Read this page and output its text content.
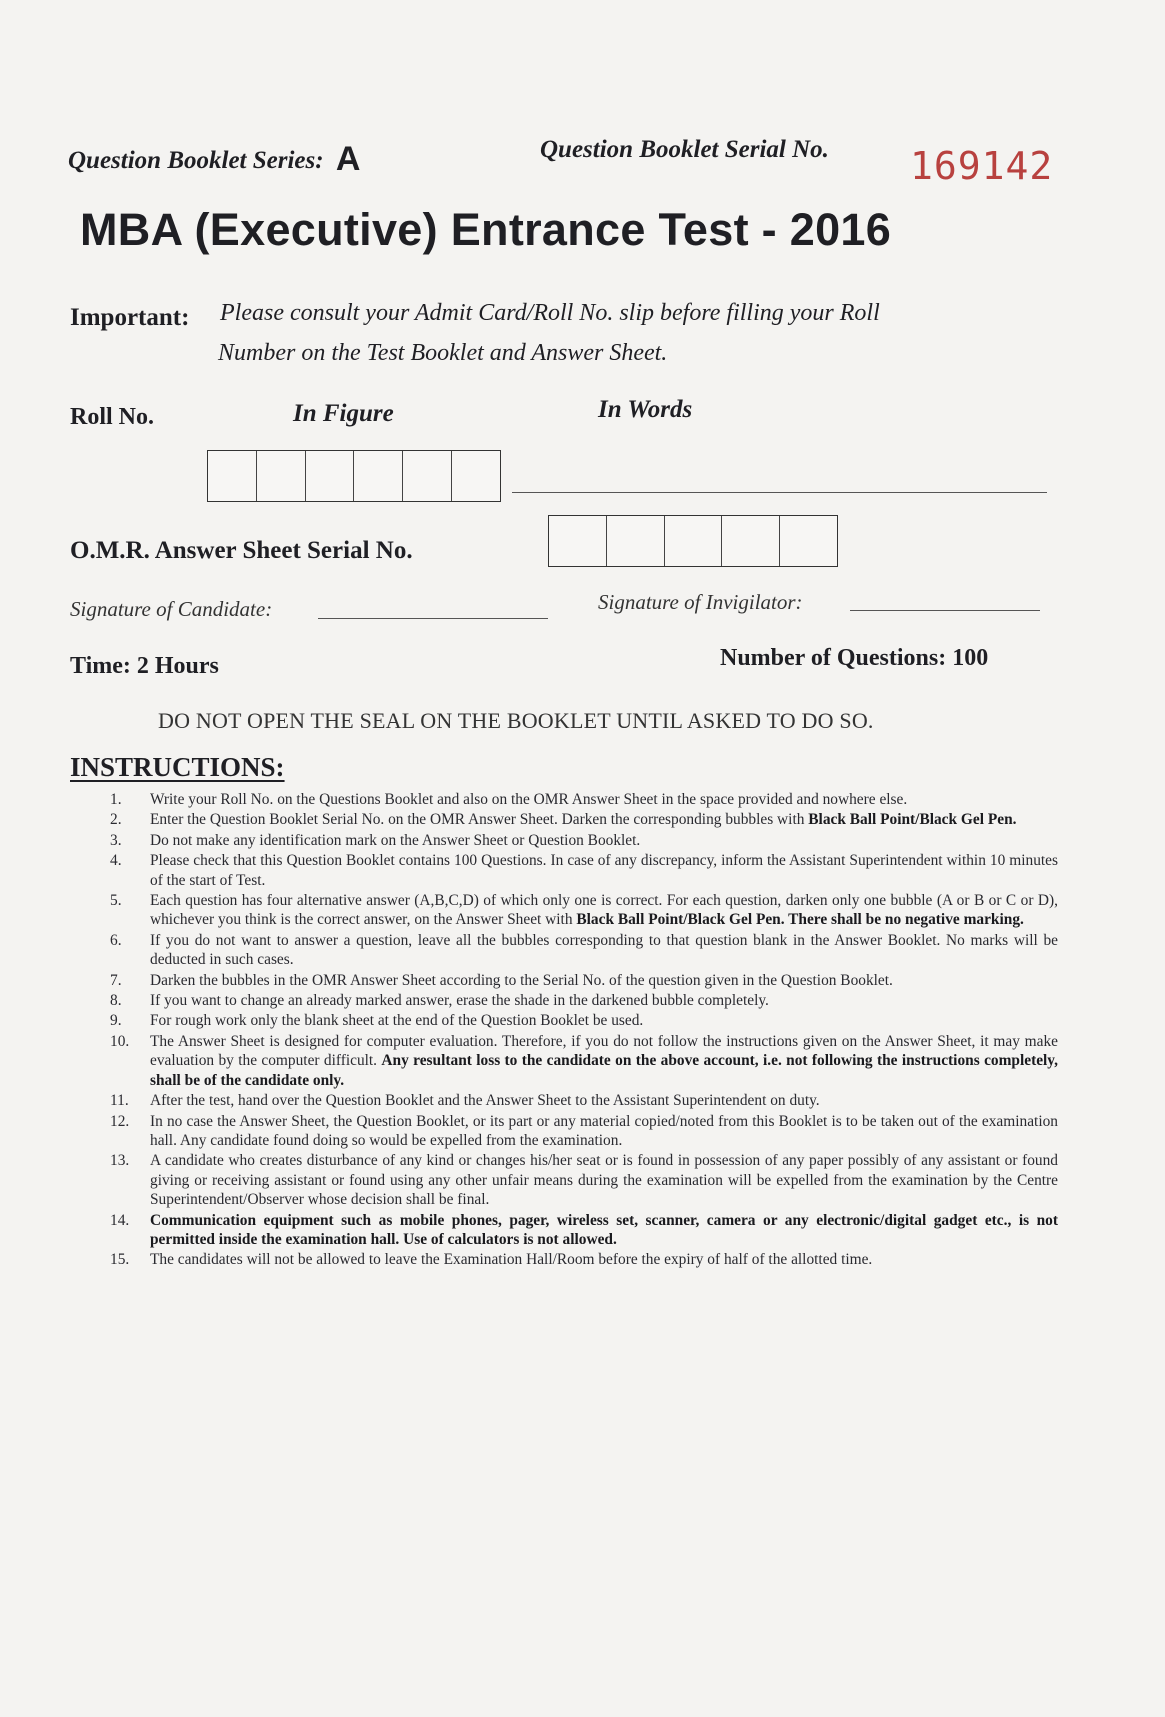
Question Booklet Series: A	Question Booklet Serial No. 169142
MBA (Executive) Entrance Test - 2016
Important: Please consult your Admit Card/Roll No. slip before filling your Roll
Number on the Test Booklet and Answer Sheet.
Roll No.	In Figure	In Words
O.M.R. Answer Sheet Serial No.
Signature of Candidate:	Signature of Invigilator:
Time: 2 Hours	Number of Questions: 100
DO NOT OPEN THE SEAL ON THE BOOKLET UNTIL ASKED TO DO SO.
INSTRUCTIONS:
1.	Write your Roll No. on the Questions Booklet and also on the OMR Answer Sheet in the space provided and nowhere else.
2.	Enter the Question Booklet Serial No. on the OMR Answer Sheet. Darken the corresponding bubbles with Black Ball Point/Black Gel Pen.
3.	Do not make any identification mark on the Answer Sheet or Question Booklet.
4.	Please check that this Question Booklet contains 100 Questions. In case of any discrepancy, inform the Assistant Superintendent within 10 minutes of the start of Test.
5.	Each question has four alternative answer (A,B,C,D) of which only one is correct. For each question, darken only one bubble (A or B or C or D), whichever you think is the correct answer, on the Answer Sheet with Black Ball Point/Black Gel Pen. There shall be no negative marking.
6.	If you do not want to answer a question, leave all the bubbles corresponding to that question blank in the Answer Booklet. No marks will be deducted in such cases.
7.	Darken the bubbles in the OMR Answer Sheet according to the Serial No. of the question given in the Question Booklet.
8.	If you want to change an already marked answer, erase the shade in the darkened bubble completely.
9.	For rough work only the blank sheet at the end of the Question Booklet be used.
10.	The Answer Sheet is designed for computer evaluation. Therefore, if you do not follow the instructions given on the Answer Sheet, it may make evaluation by the computer difficult. Any resultant loss to the candidate on the above account, i.e. not following the instructions completely, shall be of the candidate only.
11.	After the test, hand over the Question Booklet and the Answer Sheet to the Assistant Superintendent on duty.
12.	In no case the Answer Sheet, the Question Booklet, or its part or any material copied/noted from this Booklet is to be taken out of the examination hall. Any candidate found doing so would be expelled from the examination.
13.	A candidate who creates disturbance of any kind or changes his/her seat or is found in possession of any paper possibly of any assistant or found giving or receiving assistant or found using any other unfair means during the examination will be expelled from the examination by the Centre Superintendent/Observer whose decision shall be final.
14.	Communication equipment such as mobile phones, pager, wireless set, scanner, camera or any electronic/digital gadget etc., is not permitted inside the examination hall. Use of calculators is not allowed.
15.	The candidates will not be allowed to leave the Examination Hall/Room before the expiry of half of the allotted time.
